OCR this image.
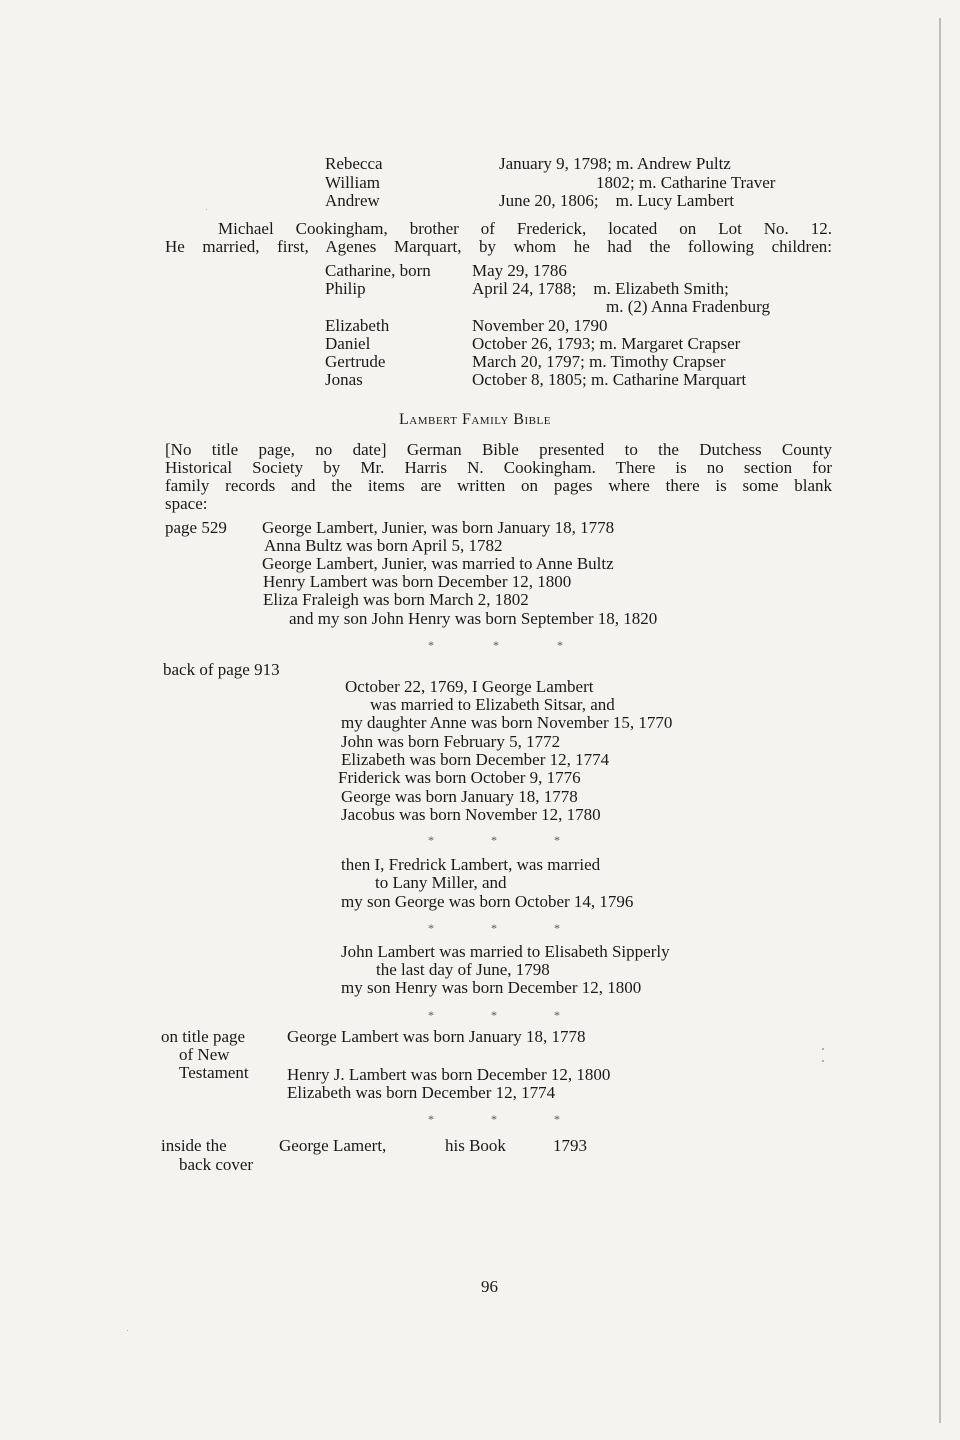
Rebecca	January 9, 1798; m. Andrew Pultz
William	1802; m. Catharine Traver
Andrew	June 20, 1806;    m. Lucy Lambert
Michael Cookingham, brother of Frederick, located on Lot No. 12.
He married, first, Agenes Marquart, by whom he had the following children:
Catharine, born May 29, 1786
Philip	April 24, 1788;    m. Elizabeth Smith;
m. (2) Anna Fradenburg
Elizabeth	November 20, 1790
Daniel	October 26, 1793; m. Margaret Crapser
Gertrude	March 20, 1797; m. Timothy Crapser
Jonas	October 8, 1805; m. Catharine Marquart
Lambert Family Bible
[No title page, no date] German Bible presented to the Dutchess County
Historical Society by Mr. Harris N. Cookingham. There is no section for
family records and the items are written on pages where there is some blank
space:
page 529 George Lambert, Junier, was born January 18, 1778
Anna Bultz was born April 5, 1782
George Lambert, Junier, was married to Anne Bultz
Henry Lambert was born December 12, 1800
Eliza Fraleigh was born March 2, 1802
and my son John Henry was born September 18, 1820
*	*	*
back of page 913
October 22, 1769, I George Lambert
was married to Elizabeth Sitsar, and
my daughter Anne was born November 15, 1770
John was born February 5, 1772
Elizabeth was born December 12, 1774
Friderick was born October 9, 1776
George was born January 18, 1778
Jacobus was born November 12, 1780
*	*	*
then I, Fredrick Lambert, was married
to Lany Miller, and
my son George was born October 14, 1796
*	*	*
John Lambert was married to Elisabeth Sipperly
the last day of June, 1798
my son Henry was born December 12, 1800
*	*	*
on title page
of New
Testament
George Lambert was born January 18, 1778
Henry J. Lambert was born December 12, 1800
Elizabeth was born December 12, 1774
*	*	*
inside the
back cover
George Lamert,	his Book	1793
96
